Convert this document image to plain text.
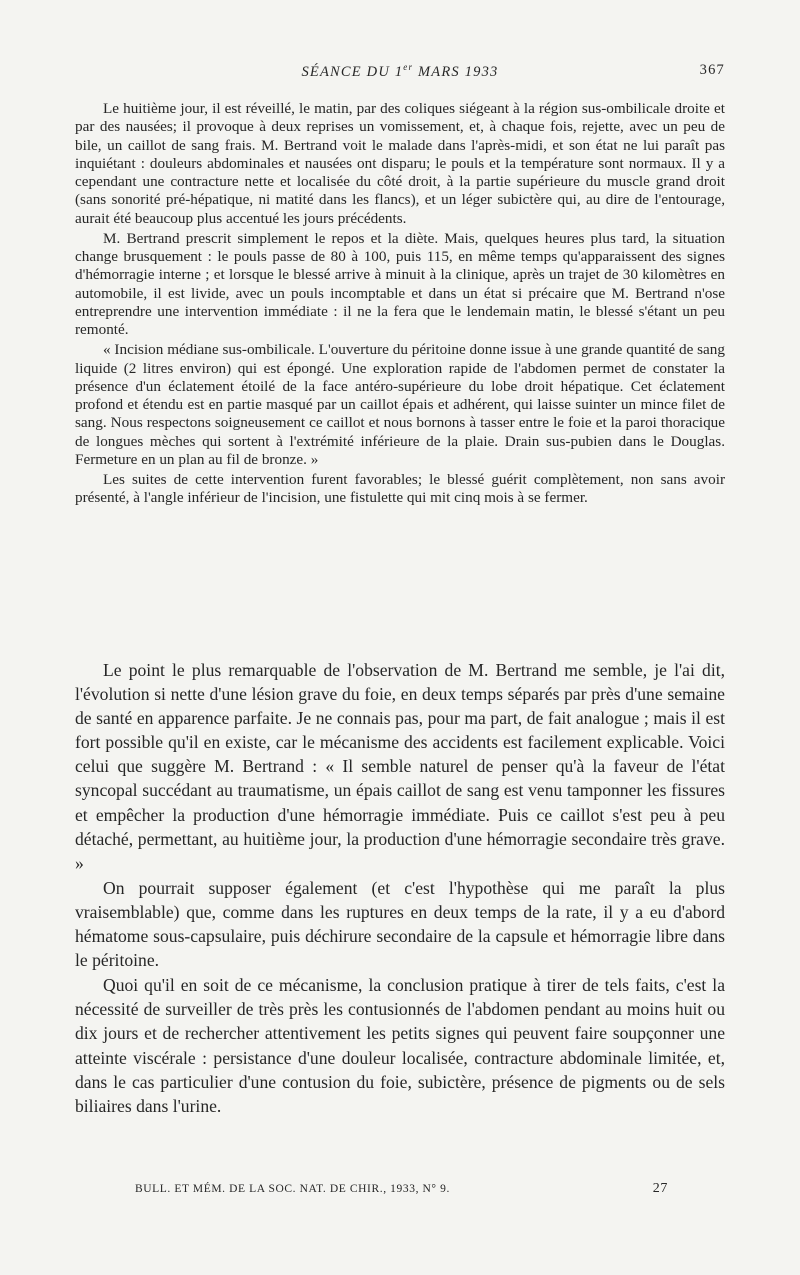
SÉANCE DU 1er MARS 1933	367

Le huitième jour, il est réveillé, le matin, par des coliques siégeant à la région sus-ombilicale droite et par des nausées; il provoque à deux reprises un vomissement, et, à chaque fois, rejette, avec un peu de bile, un caillot de sang frais. M. Bertrand voit le malade dans l'après-midi, et son état ne lui paraît pas inquiétant : douleurs abdominales et nausées ont disparu; le pouls et la température sont normaux. Il y a cependant une contracture nette et localisée du côté droit, à la partie supérieure du muscle grand droit (sans sonorité pré-hépatique, ni matité dans les flancs), et un léger subictère qui, au dire de l'entourage, aurait été beaucoup plus accentué les jours précédents.

M. Bertrand prescrit simplement le repos et la diète. Mais, quelques heures plus tard, la situation change brusquement : le pouls passe de 80 à 100, puis 115, en même temps qu'apparaissent des signes d'hémorragie interne ; et lorsque le blessé arrive à minuit à la clinique, après un trajet de 30 kilomètres en automobile, il est livide, avec un pouls incomptable et dans un état si précaire que M. Bertrand n'ose entreprendre une intervention immédiate : il ne la fera que le lendemain matin, le blessé s'étant un peu remonté.

« Incision médiane sus-ombilicale. L'ouverture du péritoine donne issue à une grande quantité de sang liquide (2 litres environ) qui est épongé. Une exploration rapide de l'abdomen permet de constater la présence d'un éclatement étoilé de la face antéro-supérieure du lobe droit hépatique. Cet éclatement profond et étendu est en partie masqué par un caillot épais et adhérent, qui laisse suinter un mince filet de sang. Nous respectons soigneusement ce caillot et nous bornons à tasser entre le foie et la paroi thoracique de longues mèches qui sortent à l'extrémité inférieure de la plaie. Drain sus-pubien dans le Douglas. Fermeture en un plan au fil de bronze. »

Les suites de cette intervention furent favorables; le blessé guérit complètement, non sans avoir présenté, à l'angle inférieur de l'incision, une fistulette qui mit cinq mois à se fermer.

Le point le plus remarquable de l'observation de M. Bertrand me semble, je l'ai dit, l'évolution si nette d'une lésion grave du foie, en deux temps séparés par près d'une semaine de santé en apparence parfaite. Je ne connais pas, pour ma part, de fait analogue ; mais il est fort possible qu'il en existe, car le mécanisme des accidents est facilement explicable. Voici celui que suggère M. Bertrand : « Il semble naturel de penser qu'à la faveur de l'état syncopal succédant au traumatisme, un épais caillot de sang est venu tamponner les fissures et empêcher la production d'une hémorragie immédiate. Puis ce caillot s'est peu à peu détaché, permettant, au huitième jour, la production d'une hémorragie secondaire très grave. »

On pourrait supposer également (et c'est l'hypothèse qui me paraît la plus vraisemblable) que, comme dans les ruptures en deux temps de la rate, il y a eu d'abord hématome sous-capsulaire, puis déchirure secondaire de la capsule et hémorragie libre dans le péritoine.

Quoi qu'il en soit de ce mécanisme, la conclusion pratique à tirer de tels faits, c'est la nécessité de surveiller de très près les contusionnés de l'abdomen pendant au moins huit ou dix jours et de rechercher attentivement les petits signes qui peuvent faire soupçonner une atteinte viscérale : persistance d'une douleur localisée, contracture abdominale limitée, et, dans le cas particulier d'une contusion du foie, subictère, présence de pigments ou de sels biliaires dans l'urine.

BULL. ET MÉM. DE LA SOC. NAT. DE CHIR., 1933, N° 9.	27
